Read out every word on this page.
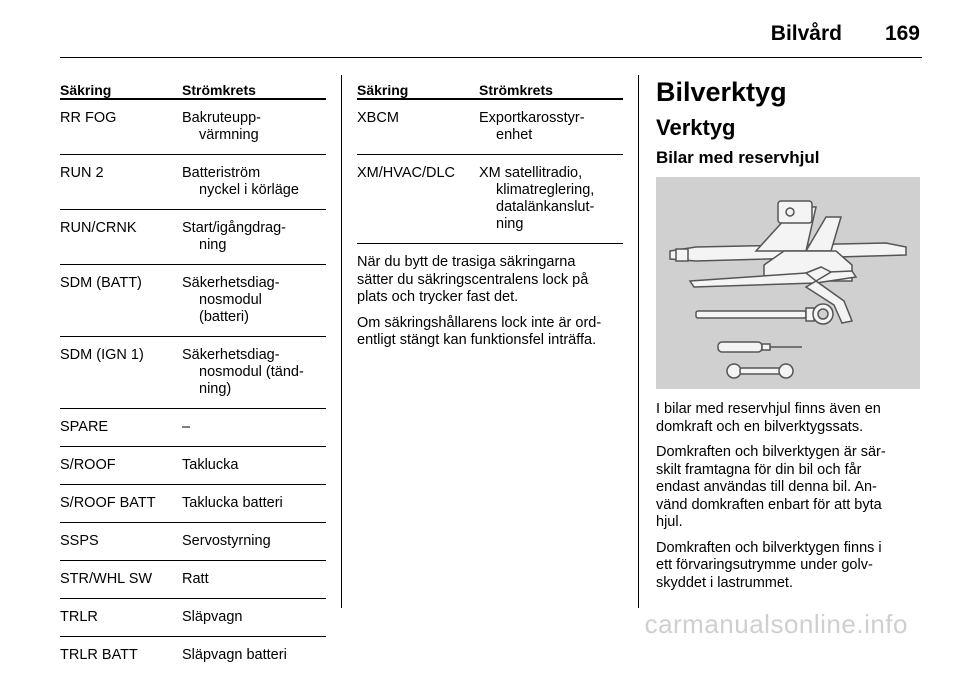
Bilvård 169
Säkring	Strömkrets
RR FOG	Bakruteupp-
värmning
RUN 2	Batteriström
nyckel i körläge
RUN/CRNK	Start/igångdrag-
ning
SDM (BATT)	Säkerhetsdiag-
nosmodul
(batteri)
SDM (IGN 1)	Säkerhetsdiag-
nosmodul (tänd-
ning)
SPARE	–
S/ROOF	Taklucka
S/ROOF BATT	Taklucka batteri
SSPS	Servostyrning
STR/WHL SW	Ratt
TRLR	Släpvagn
TRLR BATT	Släpvagn batteri
Säkring	Strömkrets
XBCM	Exportkarosstyr-
enhet
XM/HVAC/DLC	XM satellitradio,
klimatreglering,
datalänkanslut-
ning
När du bytt de trasiga säkringarna
sätter du säkringscentralens lock på
plats och trycker fast det.
Om säkringshållarens lock inte är ord-
entligt stängt kan funktionsfel inträffa.
Bilverktyg
Verktyg
Bilar med reservhjul
I bilar med reservhjul finns även en
domkraft och en bilverktygssats.
Domkraften och bilverktygen är sär-
skilt framtagna för din bil och får
endast användas till denna bil. An-
vänd domkraften enbart för att byta
hjul.
Domkraften och bilverktygen finns i
ett förvaringsutrymme under golv-
skyddet i lastrummet.
carmanualsonline.info
